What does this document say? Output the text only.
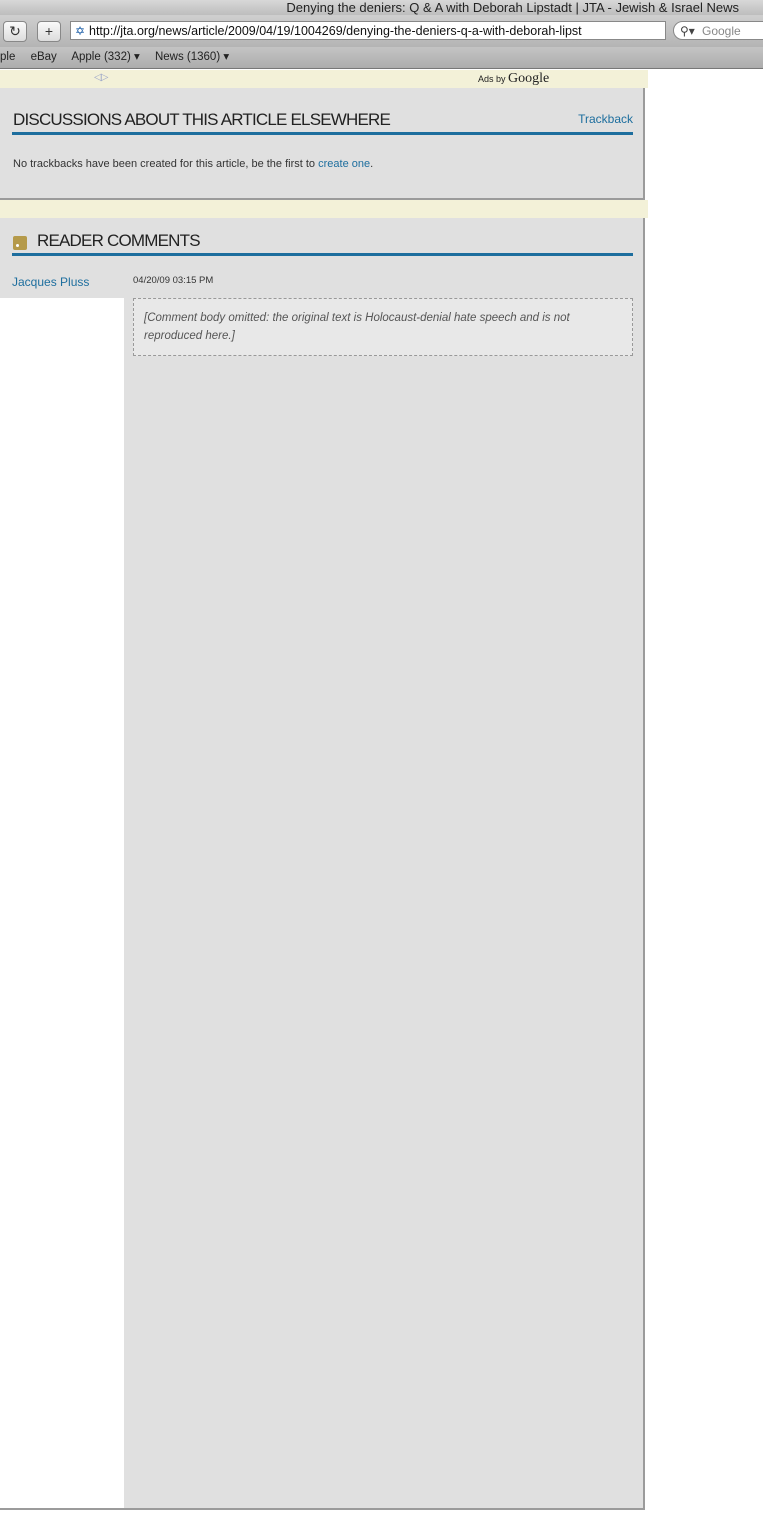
Denying the deniers: Q & A with Deborah Lipstadt | JTA - Jewish & Israel News
↻	+	✡ http://jta.org/news/article/2009/04/19/1004269/denying-the-deniers-q-a-with-deborah-lipst	⚲▾ Google
ple eBay Apple (332) ▾ News (1360) ▾
◁▷	Ads by Google
DISCUSSIONS ABOUT THIS ARTICLE ELSEWHERE	Trackback
No trackbacks have been created for this article, be the first to create one.
READER COMMENTS
Jacques Pluss	04/20/09 03:15 PM
[Comment body omitted: the original text is Holocaust-denial hate speech and is not reproduced here.]
